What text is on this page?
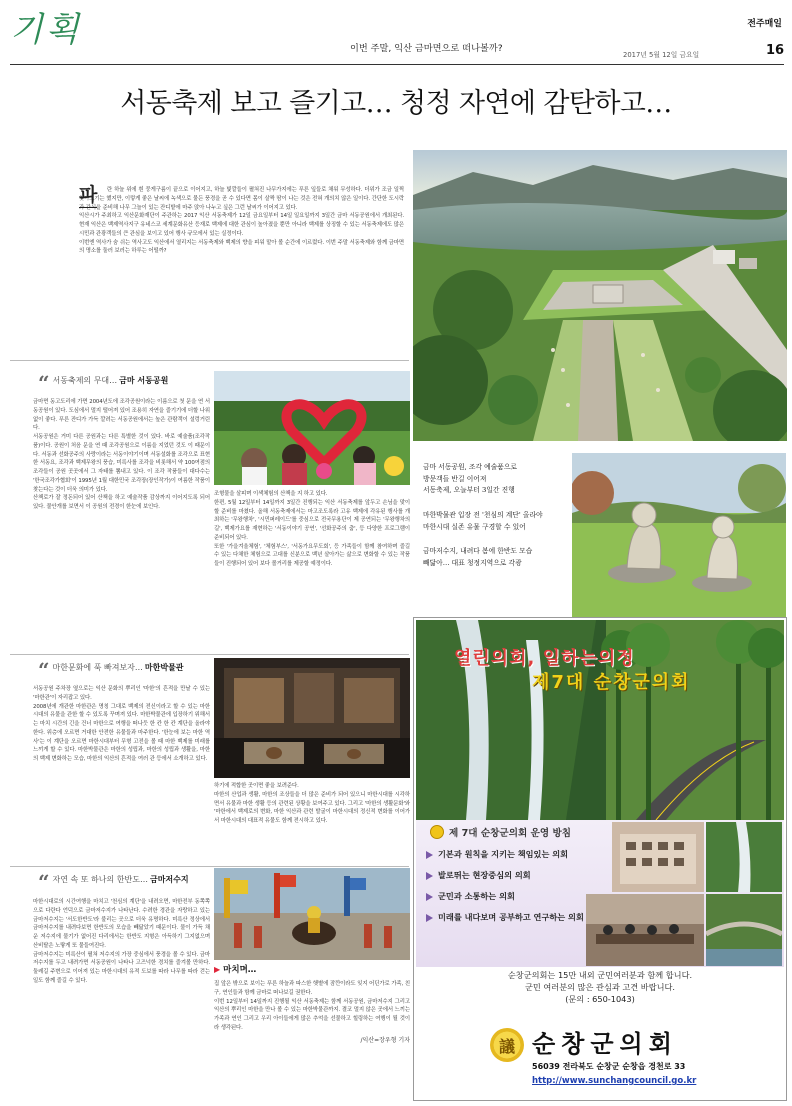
기획	이번 주말, 익산 금마면으로 떠나볼까?
전주매일
2017년 5월 12일 금요일	16
서동축제 보고 즐기고… 청정 자연에 감탄하고…
파	란 하늘 위에 흰 뭉게구름이 끝으로 이어지고, 하늘 빛깔들이 펼쳐진 나무가지에는 푸른 잎들로 채워 무성하다. 더위가 조금 일찍 찾아오기는 했지만, 이렇게 좋은 날씨에 녹색으로 물든 풍경을 곧 수 있다면 몸이 살짝 땀이 나는 것은 전혀 개의치 않은 일이다. 간단한 도시락과 간식을 준비해 나무 그늘이 있는 잔디밭에 마주 앉아 나누고 싶은 그런 날씨가 이어지고 있다.

익산시가 주최하고 익산문화재단이 주관하는 2017 익산 서동축제가 12일 금요일부터 14일 일요일까지 3일간 금마 서동공원에서 개최된다. 현재 익산은 백제역사지구 유네스코 세계문화유산 등재로 백제에 대한 관심이 높아졌을 뿐만 아니라 백제를 상징할 수 있는 서동축제에도 많은 시민과 관광객들의 큰 관심을 보이고 있어 행사 규모에서 있는 실정이다.

이번엔 역사가 숨 쉬는 역사고도 익산에서 열리지는 서동축제와 백제의 향을 피워 맡아 볼 순간에 이르렀다. 이번 주말 서동축제와 함께 금마면의 명소를 둘러 보러는 하루는 어떨까?

금마 서동공원, 조각 예술품으로
방문객들 반길 이어져
서동축제, 오늘부터 3일간 진행
마한박물관 입장 전 '천심의 계단' 올라야
마한시대 실존 유물 구경할 수 있어
금마저수지, 내려다 봄에 한반도 모습
빼닮아… 대표 청정지역으로 각광
“ 서동축제의 무대… 금마 서동공원

금마면 동고도리에 가면 2004년도에 조각공원이라는 이름으로 첫 문을 연 서동공원이 있다. 도심에서 멀지 떨어져 있어 조용히 자연을 즐기기에 더할 나위 없이 좋다. 푸른 잔디가 가득 깔려는 서동공원에서는 높은 관람객이 설렁거린다.
서동공원은 거미 다른 공원과는 다른 특별한 것이 있다. 바로 예술품(조각작품)이다. 공원이 처음 문을 연 때 조각공원으로 이름을 지었던 것도 이 때문이다. 서동과 선화공주의 사랑이라는 서동이야기이며 서동설화를 조각으로 표현한 서동요, 조각과 백제무왕의 풍습, 미륵사를 조각을 비롯해서 약 100여점의 조각들이 공원 곳곳에서 그 자태를 뽐내고 있다. 이 조각 작품들이 대다수는 '한국조각가협회'이 1995년 1월 대한민국 조각장(장인작가)이 여름한 작품이 찾는다는 것이 더욱 의미가 있다.
산책로가 잘 정돈되어 있어 산책을 하고 예술작품 감상까지 이어지도록 되어 있다. 물안개를 보면서 이 공원의 전경이 한눈에 보인다.

조형물을 살피며 이색체험의 산책을 지 하고 있다.
한편, 5월 12일부터 14일까지 3일간 진행되는 익산 서동축제를 앞두고 손님을 맞이할 준비를 마쳤다. 올해 서동축제에서는 마고조도록라 고유 백제에 각유된 행사를 개최하는 '무왕행차', '시민퍼레이드'를 중심으로 전국무용단이 제 공연되는 '무왕행차의 길', 백제가요를 재현하는 '서동이야기 공연', '선화공주의 춤', 등 다양한 프로그램이 준비되어 있다.
또한 '가을겨울체험', '체험부스', '서동가요무도회', 등 가족들이 함께 참여하며 즐길 수 있는 다채한 체험으로 고대를 신분으로 백년 살아가는 삶으로 변화할 수 있는 작품들이 진행되어 있어 보다 볼거리를 제공할 예정이다.

“ 마한문화에 푹 빠져보자… 마한박물관

서동공원 주차장 옆으로는 익산 문화의 뿌리인 '마한'의 흔적을 만날 수 있는 '마한관'이 자리잡고 있다.
2008년에 개관한 마한관은 명칭 그대로 백제의 전신이라고 할 수 있는 마한시대의 유물을 관한 할 수 있도록 꾸며져 있다. 마한박물관에 입장하기 위해서는 마치 시간의 긴을 건너 마한으로 여행을 떠나듯 한 칸 한 칸 계단을 올라야 한다. 위층에 오르면 거대한 안전한 유물들과 마주한다. '한눈에 보는 마한 역사'는 이 계단을 오르면 마한시대부터 무형 고전을 볼 때 마한 백제를 미래를 느끼게 할 수 있다. 마한박물관은 마한의 성립과, 마한의 성립과 생활을, 마한의 백제 변화하는 모습, 마한의 익산의 흔적을 여러 관 등에서 소개하고 있다.

하기에 적합한 곳이면 좋을 보려준다.
마한의 산업과 생활, 마한의 조상들을 더 많은 준비가 되어 있으니 마한시대를 시각하면서 유물과 마한 생활 등의 관련된 상황을 보여주고 있다. 그리고 '마한의 생활문화'와 '마한에서 백제로의 변화, 마한 익산과 관련 발굴이 마한시대의 정신적 변화를 이어가서 마한시대의 대표적 유물도 함께 전시하고 있다.

“ 자연 속 또 하나의 한반도… 금마저수지

마한시대로의 시간여행을 마치고 '천심의 계단'을 내려오면, 마한전부 동쪽쪽으로 다란다 언덕으로 금마저수지가 나타난다. 수려한 경관을 자랑하고 있는 금마저수지는 '서도한반도'라 불리는 곳으로 더욱 유명하다. 미륵산 정상에서 금마저수지를 내려다보면 한반도의 모습을 빼닮았기 때문이다. 물이 가득 채운 저수지에 물기가 없어진 다리에서는 한반도 지형은 아득하기 그지없으며 산비탈은 노랗게 또 물들여진다.
금마저수지는 미륵산이 펼쳐 저수지의 가장 중심에서 풍경을 볼 수 있다. 금마저수지를 두고 내려가면 서동공원이 나타나 고즈넉한 경치를 즐겨볼 만하다. 둘레길 주변으로 이어져 있는 마한시대의 유적 도보를 따라 나무를 따라 걷는 일도 함께 즐길 수 있다.

▶ 마치며…

집 앞은 밖으로 보이는 푸른 하늘과 따스한 햇볕에 잠깐이라도 잊지 어딘가로 가족, 친구, 연인들과 함께 금마로 떠나보길 권한다.
이번 12일부터 14일까지 진행될 익산 서동축제는 함께 서동공원, 금마저수지 그리고 익산의 뿌리인 마한을 만나 볼 수 있는 마한박물관까지. 결코 멀지 않은 곳에서 느끼는 가족과 연인 그리고 우리 아이들에게 많은 추억을 선물하고 힐링하는 여행이 될 것이라 생각된다.

/익산=장우형 기자
열린의회, 일하는의정
제7대 순창군의회
제 7대 순창군의회 운영 방침
기본과 원칙을 지키는 책임있는 의회
발로뛰는 현장중심의 의회
군민과 소통하는 의회
미래를 내다보며 공부하고 연구하는 의회
순창군의회는 15만 내외 군민여러분과 함께 합니다.
군민 여러분의 많은 관심과 고견 바랍니다.
(문의 : 650-1043)
議 순창군의회
56039 전라북도 순창군 순창읍 경천로 33
http://www.sunchangcouncil.go.kr
